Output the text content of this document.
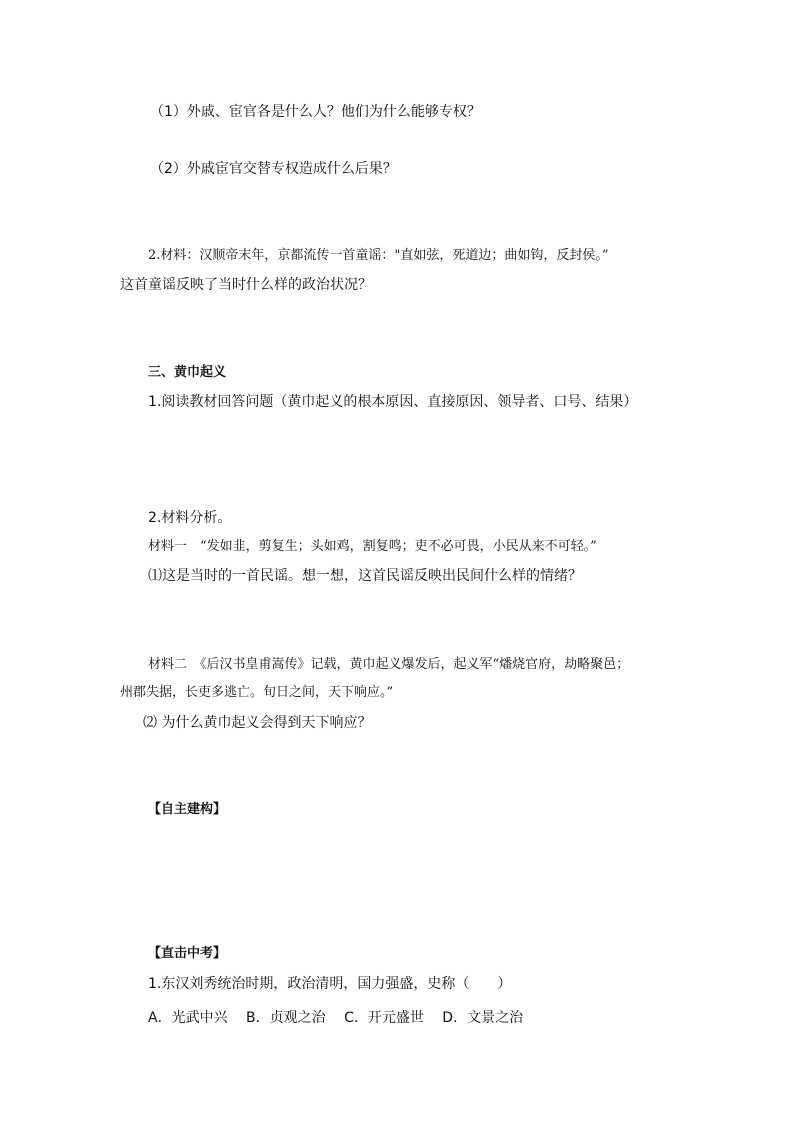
（1）外戚、宦官各是什么人？他们为什么能够专权？
（2）外戚宦官交替专权造成什么后果？
2.材料：汉顺帝末年，京都流传一首童谣："直如弦，死道边；曲如钩，反封侯。”
这首童谣反映了当时什么样的政治状况？
三、黄巾起义
1.阅读教材回答问题（黄巾起义的根本原因、直接原因、领导者、口号、结果）
2.材料分析。
材料一　“发如韭，剪复生；头如鸡，割复鸣；吏不必可畏，小民从来不可轻。”
⑴这是当时的一首民谣。想一想，这首民谣反映出民间什么样的情绪？
材料二　《后汉书皇甫嵩传》记载，黄巾起义爆发后，起义军“燔烧官府，劫略聚邑；
州郡失据，长吏多逃亡。旬日之间，天下响应。”
⑵ 为什么黄巾起义会得到天下响应？
【自主建构】
【直击中考】
1.东汉刘秀统治时期，政治清明，国力强盛，史称（　　）
A．光武中兴　 B．贞观之治　 C．开元盛世　 D．文景之治
